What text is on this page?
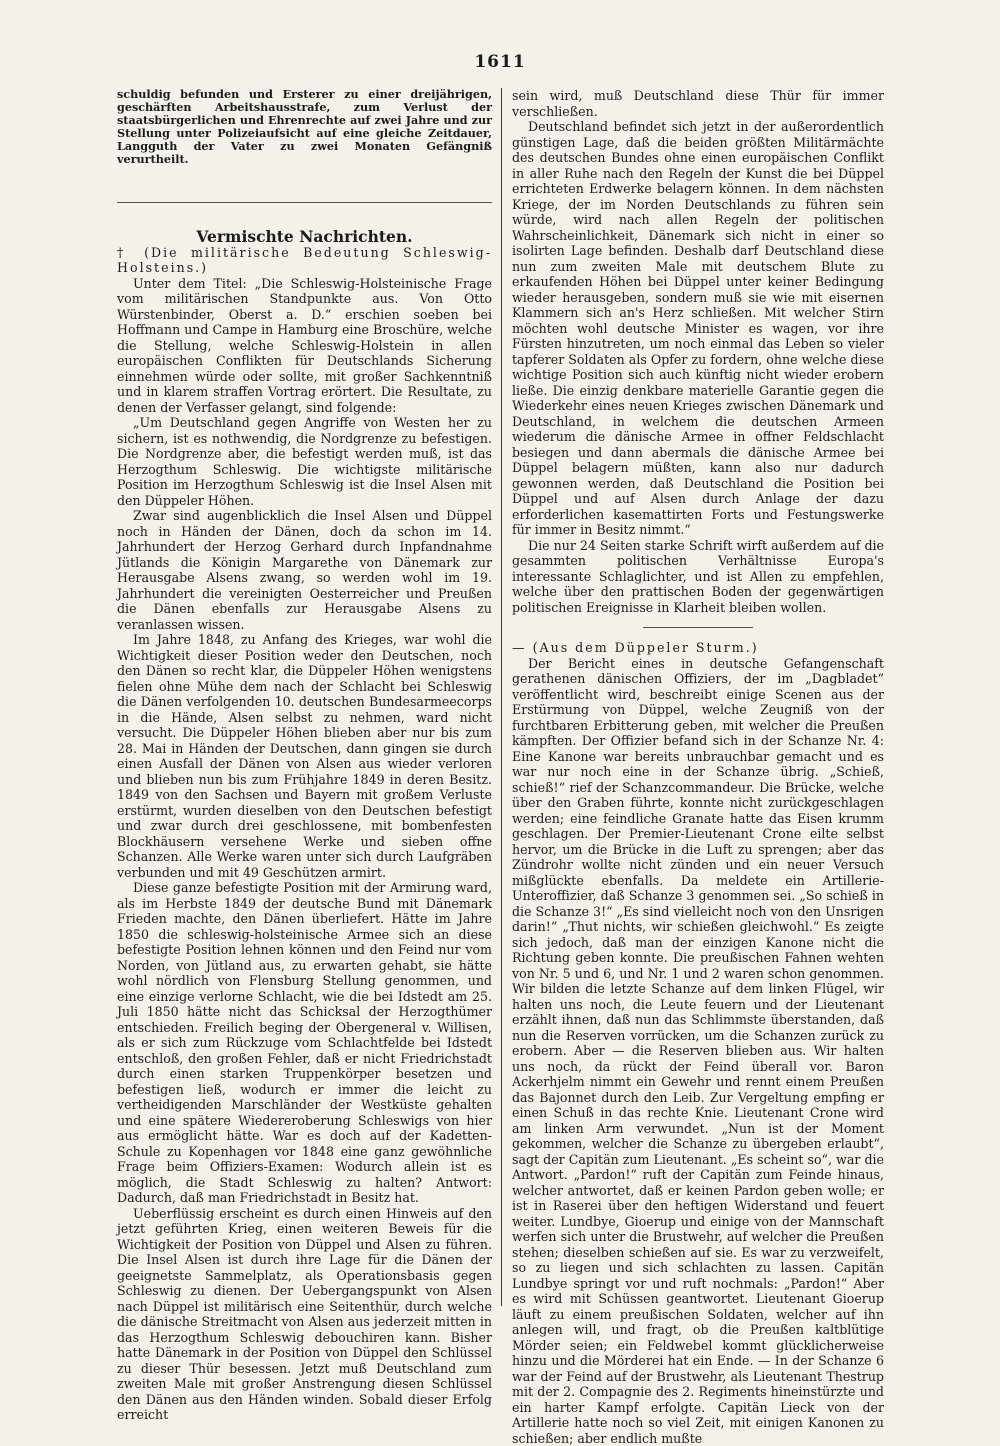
1611

schuldig befunden und Ersterer zu einer dreijährigen, geschärften Arbeitshausstrafe, zum Verlust der staatsbürgerlichen und Ehrenrechte auf zwei Jahre und zur Stellung unter Polizeiaufsicht auf eine gleiche Zeitdauer, Langguth der Vater zu zwei Monaten Gefängniß verurtheilt.

Vermischte Nachrichten.

† (Die militärische Bedeutung Schleswig-Holsteins.)

Unter dem Titel: „Die Schleswig-Holsteinische Frage vom militärischen Standpunkte aus. Von Otto Würstenbinder, Oberst a. D.“ erschien soeben bei Hoffmann und Campe in Hamburg eine Broschüre, welche die Stellung, welche Schleswig-Holstein in allen europäischen Conflikten für Deutschlands Sicherung einnehmen würde oder sollte, mit großer Sachkenntniß und in klarem straffen Vortrag erörtert. Die Resultate, zu denen der Verfasser gelangt, sind folgende:

„Um Deutschland gegen Angriffe von Westen her zu sichern, ist es nothwendig, die Nordgrenze zu befestigen. Die Nordgrenze aber, die befestigt werden muß, ist das Herzogthum Schleswig. Die wichtigste militärische Position im Herzogthum Schleswig ist die Insel Alsen mit den Düppeler Höhen.

Zwar sind augenblicklich die Insel Alsen und Düppel noch in Händen der Dänen, doch da schon im 14. Jahrhundert der Herzog Gerhard durch Inpfandnahme Jütlands die Königin Margarethe von Dänemark zur Herausgabe Alsens zwang, so werden wohl im 19. Jahrhundert die vereinigten Oesterreicher und Preußen die Dänen ebenfalls zur Herausgabe Alsens zu veranlassen wissen.

Im Jahre 1848, zu Anfang des Krieges, war wohl die Wichtigkeit dieser Position weder den Deutschen, noch den Dänen so recht klar, die Düppeler Höhen wenigstens fielen ohne Mühe dem nach der Schlacht bei Schleswig die Dänen verfolgenden 10. deutschen Bundesarmeecorps in die Hände, Alsen selbst zu nehmen, ward nicht versucht. Die Düppeler Höhen blieben aber nur bis zum 28. Mai in Händen der Deutschen, dann gingen sie durch einen Ausfall der Dänen von Alsen aus wieder verloren und blieben nun bis zum Frühjahre 1849 in deren Besitz. 1849 von den Sachsen und Bayern mit großem Verluste erstürmt, wurden dieselben von den Deutschen befestigt und zwar durch drei geschlossene, mit bombenfesten Blockhäusern versehene Werke und sieben offne Schanzen. Alle Werke waren unter sich durch Laufgräben verbunden und mit 49 Geschützen armirt.

Diese ganze befestigte Position mit der Armirung ward, als im Herbste 1849 der deutsche Bund mit Dänemark Frieden machte, den Dänen überliefert. Hätte im Jahre 1850 die schleswig-holsteinische Armee sich an diese befestigte Position lehnen können und den Feind nur vom Norden, von Jütland aus, zu erwarten gehabt, sie hätte wohl nördlich von Flensburg Stellung genommen, und eine einzige verlorne Schlacht, wie die bei Idstedt am 25. Juli 1850 hätte nicht das Schicksal der Herzogthümer entschieden. Freilich beging der Obergeneral v. Willisen, als er sich zum Rückzuge vom Schlachtfelde bei Idstedt entschloß, den großen Fehler, daß er nicht Friedrichstadt durch einen starken Truppenkörper besetzen und befestigen ließ, wodurch er immer die leicht zu vertheidigenden Marschländer der Westküste gehalten und eine spätere Wiedereroberung Schleswigs von hier aus ermöglicht hätte. War es doch auf der Kadetten-Schule zu Kopenhagen vor 1848 eine ganz gewöhnliche Frage beim Offiziers-Examen: Wodurch allein ist es möglich, die Stadt Schleswig zu halten? Antwort: Dadurch, daß man Friedrichstadt in Besitz hat.

Ueberflüssig erscheint es durch einen Hinweis auf den jetzt geführten Krieg, einen weiteren Beweis für die Wichtigkeit der Position von Düppel und Alsen zu führen. Die Insel Alsen ist durch ihre Lage für die Dänen der geeignetste Sammelplatz, als Operationsbasis gegen Schleswig zu dienen. Der Uebergangspunkt von Alsen nach Düppel ist militärisch eine Seitenthür, durch welche die dänische Streitmacht von Alsen aus jederzeit mitten in das Herzogthum Schleswig debouchiren kann. Bisher hatte Dänemark in der Position von Düppel den Schlüssel zu dieser Thür besessen. Jetzt muß Deutschland zum zweiten Male mit großer Anstrengung diesen Schlüssel den Dänen aus den Händen winden. Sobald dieser Erfolg erreicht

sein wird, muß Deutschland diese Thür für immer verschließen.

Deutschland befindet sich jetzt in der außerordentlich günstigen Lage, daß die beiden größten Militärmächte des deutschen Bundes ohne einen europäischen Conflikt in aller Ruhe nach den Regeln der Kunst die bei Düppel errichteten Erdwerke belagern können. In dem nächsten Kriege, der im Norden Deutschlands zu führen sein würde, wird nach allen Regeln der politischen Wahrscheinlichkeit, Dänemark sich nicht in einer so isolirten Lage befinden. Deshalb darf Deutschland diese nun zum zweiten Male mit deutschem Blute zu erkaufenden Höhen bei Düppel unter keiner Bedingung wieder herausgeben, sondern muß sie wie mit eisernen Klammern sich an's Herz schließen. Mit welcher Stirn möchten wohl deutsche Minister es wagen, vor ihre Fürsten hinzutreten, um noch einmal das Leben so vieler tapferer Soldaten als Opfer zu fordern, ohne welche diese wichtige Position sich auch künftig nicht wieder erobern ließe. Die einzig denkbare materielle Garantie gegen die Wiederkehr eines neuen Krieges zwischen Dänemark und Deutschland, in welchem die deutschen Armeen wiederum die dänische Armee in offner Feldschlacht besiegen und dann abermals die dänische Armee bei Düppel belagern müßten, kann also nur dadurch gewonnen werden, daß Deutschland die Position bei Düppel und auf Alsen durch Anlage der dazu erforderlichen kasemattirten Forts und Festungswerke für immer in Besitz nimmt.“

Die nur 24 Seiten starke Schrift wirft außerdem auf die gesammten politischen Verhältnisse Europa's interessante Schlaglichter, und ist Allen zu empfehlen, welche über den prattischen Boden der gegenwärtigen politischen Ereignisse in Klarheit bleiben wollen.

— (Aus dem Düppeler Sturm.)

Der Bericht eines in deutsche Gefangenschaft gerathenen dänischen Offiziers, der im „Dagbladet“ veröffentlicht wird, beschreibt einige Scenen aus der Erstürmung von Düppel, welche Zeugniß von der furchtbaren Erbitterung geben, mit welcher die Preußen kämpften. Der Offizier befand sich in der Schanze Nr. 4: Eine Kanone war bereits unbrauchbar gemacht und es war nur noch eine in der Schanze übrig. „Schieß, schieß!“ rief der Schanzcommandeur. Die Brücke, welche über den Graben führte, konnte nicht zurückgeschlagen werden; eine feindliche Granate hatte das Eisen krumm geschlagen. Der Premier-Lieutenant Crone eilte selbst hervor, um die Brücke in die Luft zu sprengen; aber das Zündrohr wollte nicht zünden und ein neuer Versuch mißglückte ebenfalls. Da meldete ein Artillerie-Unteroffizier, daß Schanze 3 genommen sei. „So schieß in die Schanze 3!“ „Es sind vielleicht noch von den Unsrigen darin!“ „Thut nichts, wir schießen gleichwohl.“ Es zeigte sich jedoch, daß man der einzigen Kanone nicht die Richtung geben konnte. Die preußischen Fahnen wehten von Nr. 5 und 6, und Nr. 1 und 2 waren schon genommen. Wir bilden die letzte Schanze auf dem linken Flügel, wir halten uns noch, die Leute feuern und der Lieutenant erzählt ihnen, daß nun das Schlimmste überstanden, daß nun die Reserven vorrücken, um die Schanzen zurück zu erobern. Aber — die Reserven blieben aus. Wir halten uns noch, da rückt der Feind überall vor. Baron Ackerhjelm nimmt ein Gewehr und rennt einem Preußen das Bajonnet durch den Leib. Zur Vergeltung empfing er einen Schuß in das rechte Knie. Lieutenant Crone wird am linken Arm verwundet. „Nun ist der Moment gekommen, welcher die Schanze zu übergeben erlaubt“, sagt der Capitän zum Lieutenant. „Es scheint so“, war die Antwort. „Pardon!“ ruft der Capitän zum Feinde hinaus, welcher antwortet, daß er keinen Pardon geben wolle; er ist in Raserei über den heftigen Widerstand und feuert weiter. Lundbye, Gioerup und einige von der Mannschaft werfen sich unter die Brustwehr, auf welcher die Preußen stehen; dieselben schießen auf sie. Es war zu verzweifelt, so zu liegen und sich schlachten zu lassen. Capitän Lundbye springt vor und ruft nochmals: „Pardon!“ Aber es wird mit Schüssen geantwortet. Lieutenant Gioerup läuft zu einem preußischen Soldaten, welcher auf ihn anlegen will, und fragt, ob die Preußen kaltblütige Mörder seien; ein Feldwebel kommt glücklicherweise hinzu und die Mörderei hat ein Ende. — In der Schanze 6 war der Feind auf der Brustwehr, als Lieutenant Thestrup mit der 2. Compagnie des 2. Regiments hineinstürzte und ein harter Kampf erfolgte. Capitän Lieck von der Artillerie hatte noch so viel Zeit, mit einigen Kanonen zu schießen; aber endlich mußte
